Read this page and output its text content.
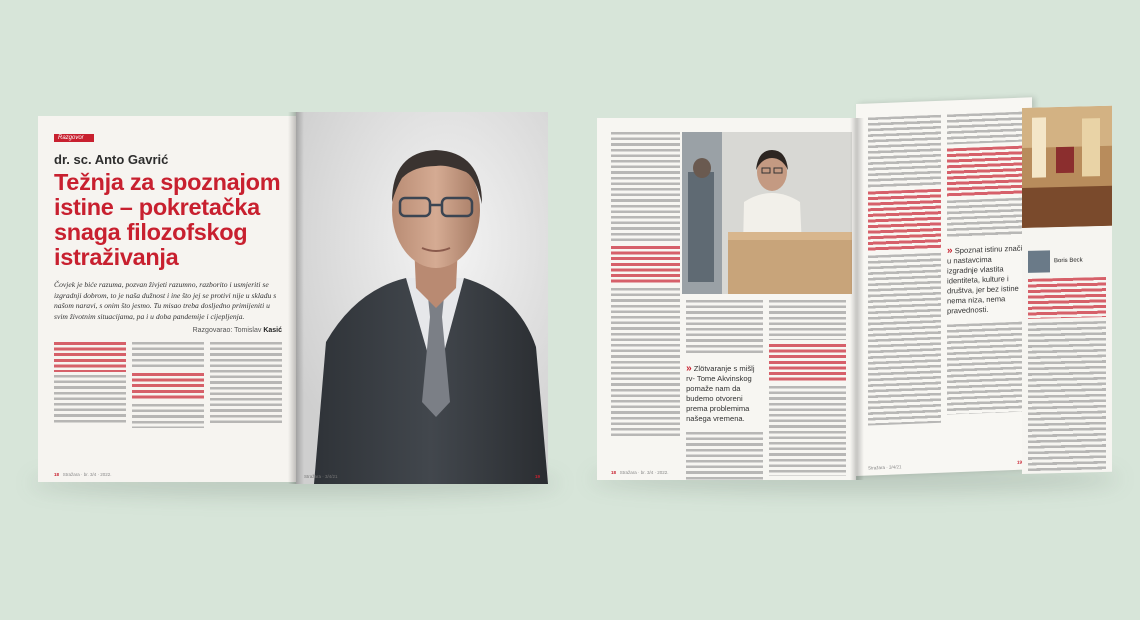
Razgovor
dr. sc. Anto Gavrić
Težnja za spoznajom
istine – pokretačka
snaga filozofskog
istraživanja
Čovjek je biće razuma, pozvan živjeti razumno, razborito i usmjeriti se izgradnji dobrom, to je naša dužnost i ine što jej se protivi nije u skladu s našom naravi, s onim što jesmo. Tu misao treba dosljedno primijeniti u svim životnim situacijama, pa i u doba pandemije i cijepljenja.
Razgovarao: Tomislav Kasić
18 Stražara · br. 3/4 · 2022.	Stražara · 3/4/21	19
» Zlötvaranje s mišlj rv- Tome Akvinskog pomaže nam da budemo otvoreni prema problemima našega vremena.
18 Stražara · br. 3/4 · 2022.
» Spoznat istinu znači u nastavcima izgradnje vlastita identiteta, kulture i društva, jer bez istine nema niza, nema pravednosti.
Stražara · 3/4/21
19
Boris Beck
